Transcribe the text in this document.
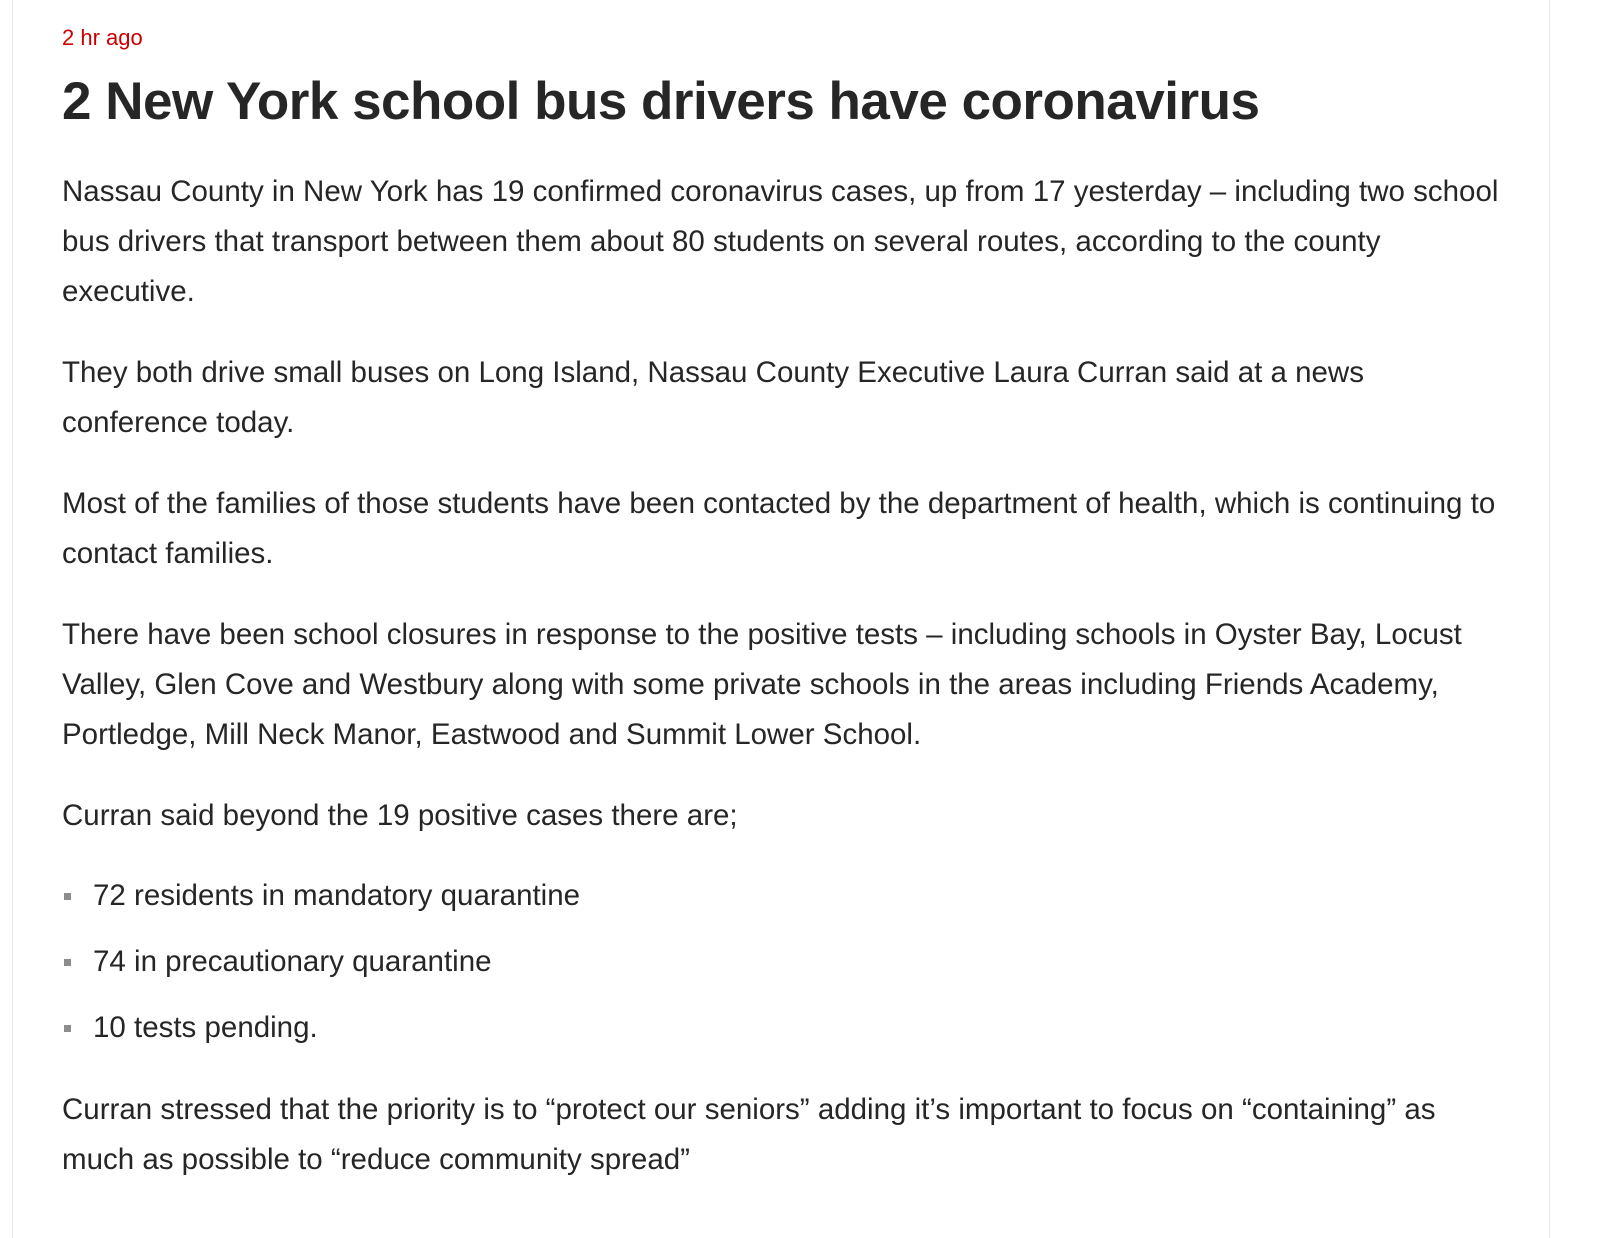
2 hr ago

2 New York school bus drivers have coronavirus

Nassau County in New York has 19 confirmed coronavirus cases, up from 17 yesterday – including two school bus drivers that transport between them about 80 students on several routes, according to the county executive.

They both drive small buses on Long Island, Nassau County Executive Laura Curran said at a news conference today.

Most of the families of those students have been contacted by the department of health, which is continuing to contact families.

There have been school closures in response to the positive tests – including schools in Oyster Bay, Locust Valley, Glen Cove and Westbury along with some private schools in the areas including Friends Academy, Portledge, Mill Neck Manor, Eastwood and Summit Lower School.

Curran said beyond the 19 positive cases there are;

72 residents in mandatory quarantine
74 in precautionary quarantine
10 tests pending.

Curran stressed that the priority is to “protect our seniors” adding it’s important to focus on “containing” as much as possible to “reduce community spread”
